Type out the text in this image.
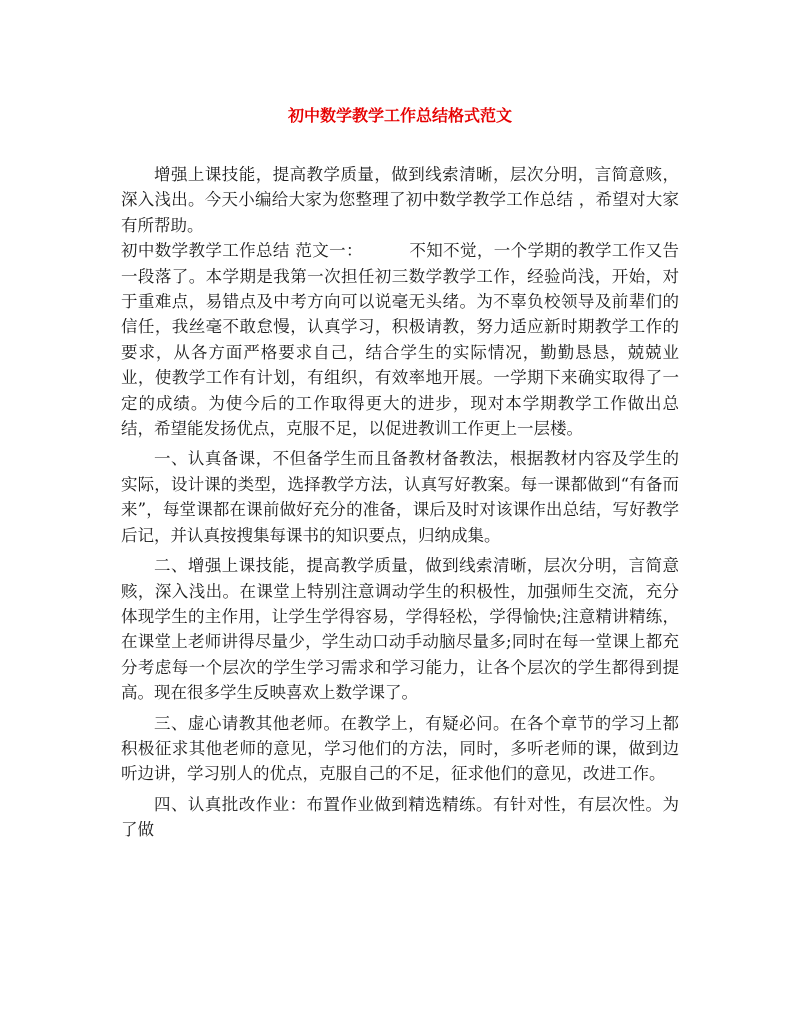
初中数学教学工作总结格式范文

增强上课技能，提高教学质量，做到线索清晰，层次分明，言简意赅，深入浅出。今天小编给大家为您整理了初中数学教学工作总结 ，希望对大家有所帮助。

初中数学教学工作总结 范文一：	不知不觉，一个学期的教学工作又告一段落了。本学期是我第一次担任初三数学教学工作，经验尚浅，开始，对于重难点，易错点及中考方向可以说毫无头绪。为不辜负校领导及前辈们的信任，我丝毫不敢怠慢，认真学习，积极请教，努力适应新时期教学工作的要求，从各方面严格要求自己，结合学生的实际情况，勤勤恳恳，兢兢业业，使教学工作有计划，有组织，有效率地开展。一学期下来确实取得了一定的成绩。为使今后的工作取得更大的进步，现对本学期教学工作做出总结，希望能发扬优点，克服不足，以促进教训工作更上一层楼。

一、认真备课，不但备学生而且备教材备教法，根据教材内容及学生的实际，设计课的类型，选择教学方法，认真写好教案。每一课都做到“有备而来”，每堂课都在课前做好充分的准备，课后及时对该课作出总结，写好教学后记，并认真按搜集每课书的知识要点，归纳成集。

二、增强上课技能，提高教学质量，做到线索清晰，层次分明，言简意赅，深入浅出。在课堂上特别注意调动学生的积极性，加强师生交流，充分体现学生的主作用，让学生学得容易，学得轻松，学得愉快;注意精讲精练，在课堂上老师讲得尽量少，学生动口动手动脑尽量多;同时在每一堂课上都充分考虑每一个层次的学生学习需求和学习能力，让各个层次的学生都得到提高。现在很多学生反映喜欢上数学课了。

三、虚心请教其他老师。在教学上，有疑必问。在各个章节的学习上都积极征求其他老师的意见，学习他们的方法，同时，多听老师的课，做到边听边讲，学习别人的优点，克服自己的不足，征求他们的意见，改进工作。

四、认真批改作业：布置作业做到精选精练。有针对性，有层次性。为了做
